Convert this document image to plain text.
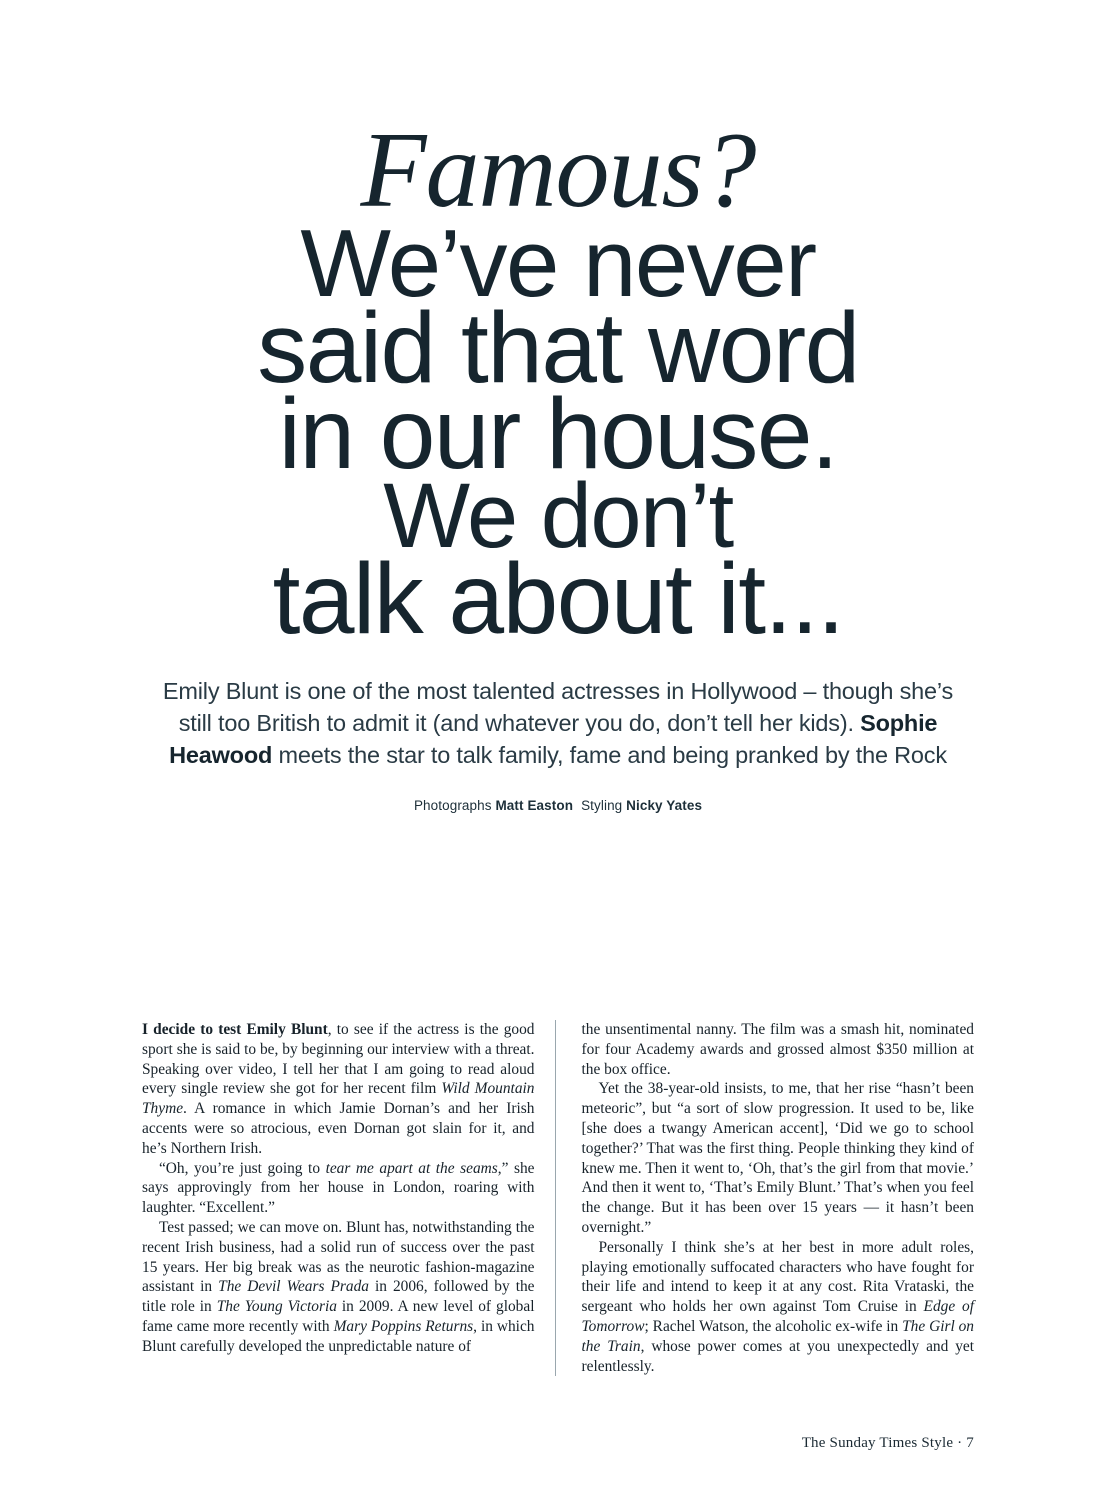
Famous?
We’ve never
said that word
in our house.
We don’t
talk about it...

Emily Blunt is one of the most talented actresses in Hollywood – though she’s still too British to admit it (and whatever you do, don’t tell her kids). Sophie Heawood meets the star to talk family, fame and being pranked by the Rock

Photographs Matt Easton Styling Nicky Yates

I decide to test Emily Blunt, to see if the actress is the good sport she is said to be, by beginning our interview with a threat. Speaking over video, I tell her that I am going to read aloud every single review she got for her recent film Wild Mountain Thyme. A romance in which Jamie Dornan’s and her Irish accents were so atrocious, even Dornan got slain for it, and he’s Northern Irish.

“Oh, you’re just going to tear me apart at the seams,” she says approvingly from her house in London, roaring with laughter. “Excellent.”

Test passed; we can move on. Blunt has, notwithstanding the recent Irish business, had a solid run of success over the past 15 years. Her big break was as the neurotic fashion-magazine assistant in The Devil Wears Prada in 2006, followed by the title role in The Young Victoria in 2009. A new level of global fame came more recently with Mary Poppins Returns, in which Blunt carefully developed the unpredictable nature of

the unsentimental nanny. The film was a smash hit, nominated for four Academy awards and grossed almost $350 million at the box office.

Yet the 38-year-old insists, to me, that her rise “hasn’t been meteoric”, but “a sort of slow progression. It used to be, like [she does a twangy American accent], ‘Did we go to school together?’ That was the first thing. People thinking they kind of knew me. Then it went to, ‘Oh, that’s the girl from that movie.’ And then it went to, ‘That’s Emily Blunt.’ That’s when you feel the change. But it has been over 15 years — it hasn’t been overnight.”

Personally I think she’s at her best in more adult roles, playing emotionally suffocated characters who have fought for their life and intend to keep it at any cost. Rita Vrataski, the sergeant who holds her own against Tom Cruise in Edge of Tomorrow; Rachel Watson, the alcoholic ex-wife in The Girl on the Train, whose power comes at you unexpectedly and yet relentlessly.

The Sunday Times Style · 7
